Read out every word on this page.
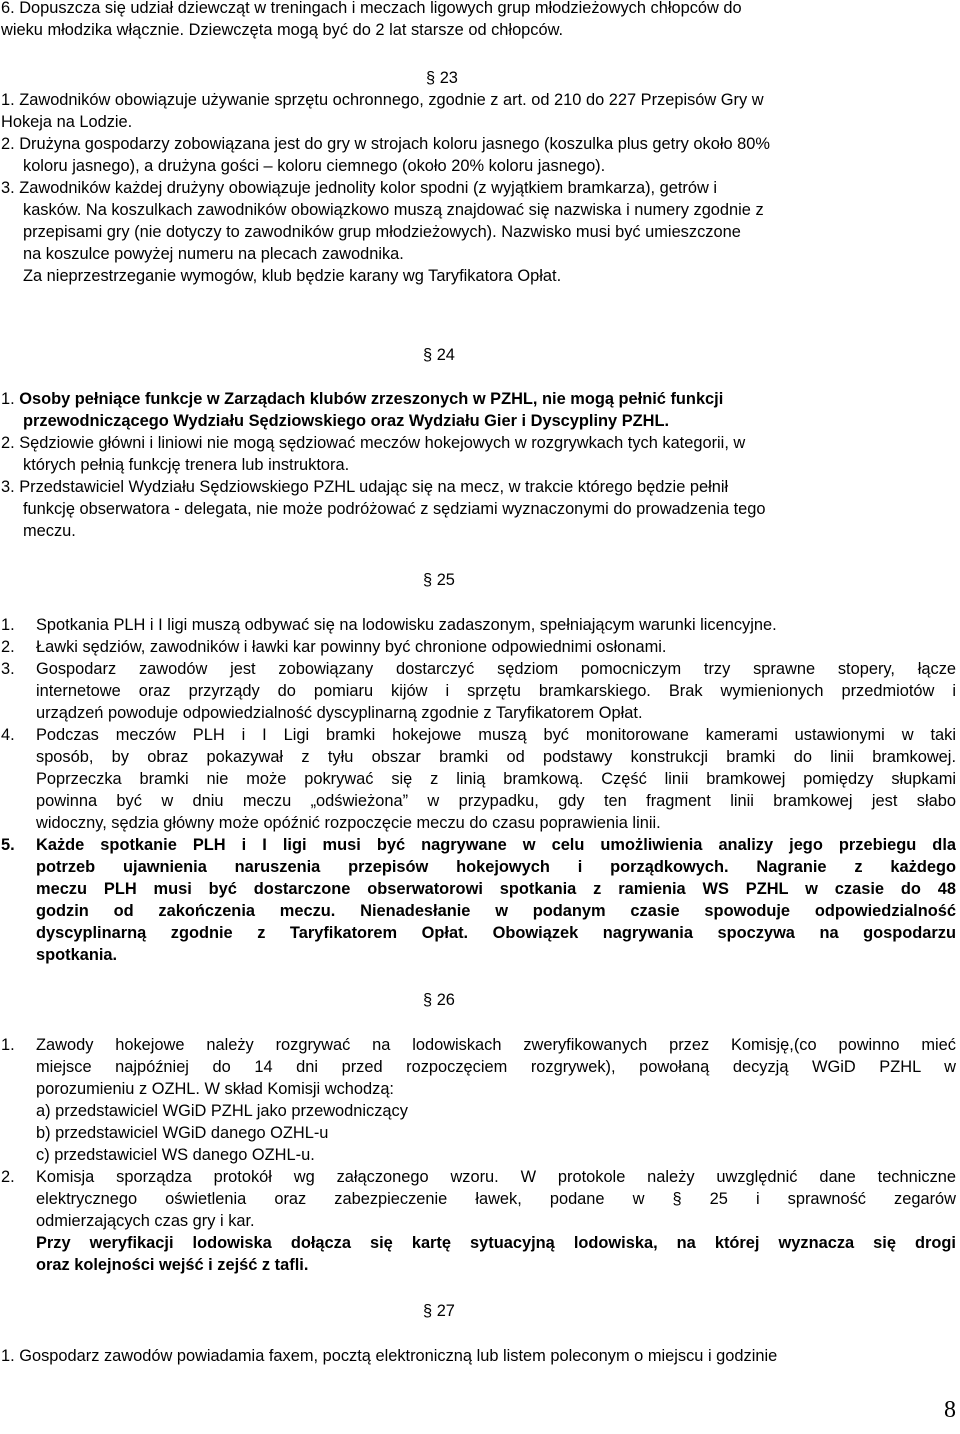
6. Dopuszcza się udział dziewcząt w treningach i meczach ligowych grup młodzieżowych chłopców do
wieku młodzika włącznie. Dziewczęta mogą być do 2 lat starsze od chłopców.
§ 23
1. Zawodników obowiązuje używanie sprzętu ochronnego, zgodnie z art. od 210 do 227 Przepisów Gry w
Hokeja na Lodzie.
2. Drużyna gospodarzy zobowiązana jest do gry w strojach koloru jasnego (koszulka plus getry około 80%
koloru jasnego), a drużyna gości – koloru ciemnego (około 20% koloru jasnego).
3. Zawodników każdej drużyny obowiązuje jednolity kolor spodni (z wyjątkiem bramkarza), getrów i
kasków. Na koszulkach zawodników obowiązkowo muszą znajdować się nazwiska i numery zgodnie z
przepisami gry (nie dotyczy to zawodników grup młodzieżowych). Nazwisko musi być umieszczone
na koszulce powyżej numeru na plecach zawodnika.
Za nieprzestrzeganie wymogów, klub będzie karany wg Taryfikatora Opłat.
§ 24
1. Osoby pełniące funkcje w Zarządach klubów zrzeszonych w PZHL, nie mogą pełnić funkcji
przewodniczącego Wydziału Sędziowskiego oraz Wydziału Gier i Dyscypliny PZHL.
2. Sędziowie główni i liniowi nie mogą sędziować meczów hokejowych w rozgrywkach tych kategorii, w
których pełnią funkcję trenera lub instruktora.
3. Przedstawiciel Wydziału Sędziowskiego PZHL udając się na mecz, w trakcie którego będzie pełnił
funkcję obserwatora - delegata, nie może podróżować z sędziami wyznaczonymi do prowadzenia tego
meczu.
§ 25
1.	Spotkania PLH i I ligi muszą odbywać się na lodowisku zadaszonym, spełniającym warunki licencyjne.
2.	Ławki sędziów, zawodników i ławki kar powinny być chronione odpowiednimi osłonami.
3.	Gospodarz zawodów jest zobowiązany dostarczyć sędziom pomocniczym trzy sprawne stopery, łącze
internetowe oraz przyrządy do pomiaru kijów i sprzętu bramkarskiego. Brak wymienionych przedmiotów i
urządzeń powoduje odpowiedzialność dyscyplinarną zgodnie z Taryfikatorem Opłat.
4.	Podczas meczów PLH i I Ligi bramki hokejowe muszą być monitorowane kamerami ustawionymi w taki
sposób, by obraz pokazywał z tyłu obszar bramki od podstawy konstrukcji bramki do linii bramkowej.
Poprzeczka bramki nie może pokrywać się z linią bramkową. Część linii bramkowej pomiędzy słupkami
powinna być w dniu meczu „odświeżona” w przypadku, gdy ten fragment linii bramkowej jest słabo
widoczny, sędzia główny może opóźnić rozpoczęcie meczu do czasu poprawienia linii.
5.	Każde spotkanie PLH i I ligi musi być nagrywane w celu umożliwienia analizy jego przebiegu dla
potrzeb ujawnienia naruszenia przepisów hokejowych i porządkowych. Nagranie z każdego
meczu PLH musi być dostarczone obserwatorowi spotkania z ramienia WS PZHL w czasie do 48
godzin od zakończenia meczu. Nienadesłanie w podanym czasie spowoduje odpowiedzialność
dyscyplinarną zgodnie z Taryfikatorem Opłat. Obowiązek nagrywania spoczywa na gospodarzu
spotkania.
§ 26
1.	Zawody hokejowe należy rozgrywać na lodowiskach zweryfikowanych przez Komisję,(co powinno mieć
miejsce najpóźniej do 14 dni przed rozpoczęciem rozgrywek), powołaną decyzją WGiD PZHL w
porozumieniu z OZHL. W skład Komisji wchodzą:
a) przedstawiciel WGiD PZHL jako przewodniczący
b) przedstawiciel WGiD danego OZHL-u
c) przedstawiciel WS danego OZHL-u.
2.	Komisja sporządza protokół wg załączonego wzoru. W protokole należy uwzględnić dane techniczne
elektrycznego oświetlenia oraz zabezpieczenie ławek, podane w § 25 i sprawność zegarów
odmierzających czas gry i kar.
Przy weryfikacji lodowiska dołącza się kartę sytuacyjną lodowiska, na której wyznacza się drogi
oraz kolejności wejść i zejść z tafli.
§ 27
1. Gospodarz zawodów powiadamia faxem, pocztą elektroniczną lub listem poleconym o miejscu i godzinie
8
